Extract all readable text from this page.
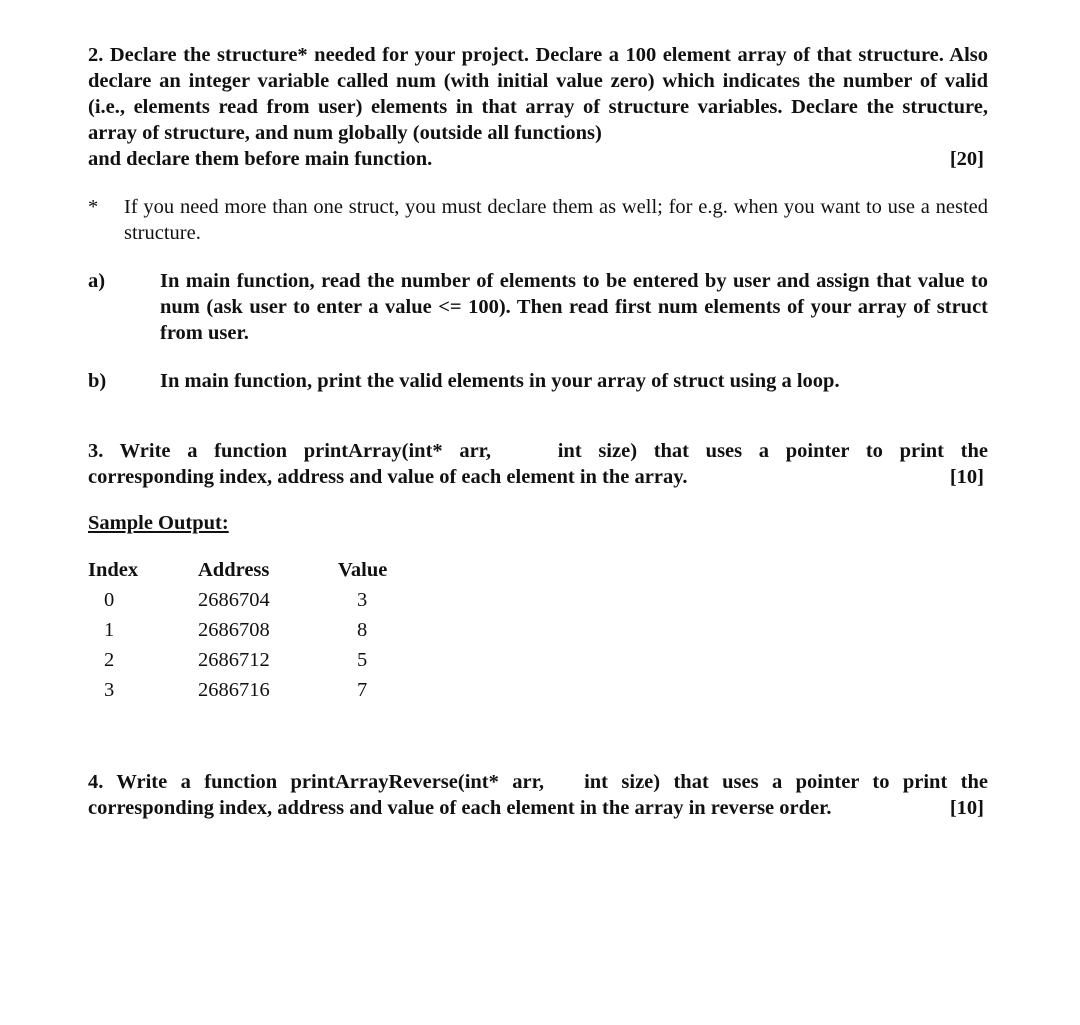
2. Declare the structure* needed for your project. Declare a 100 element array of that structure. Also declare an integer variable called num (with initial value zero) which indicates the number of valid (i.e., elements read from user) elements in that array of structure variables. Declare the structure, array of structure, and num globally (outside all functions)

and declare them before main function.	[20]
*	If you need more than one struct, you must declare them as well; for e.g. when you want to use a nested structure.
a)	In main function, read the number of elements to be entered by user and assign that value to num (ask user to enter a value <= 100). Then read first num elements of your array of struct from user.
b)	In main function, print the valid elements in your array of struct using a loop.

3. Write a function printArray(int* arr,    int size) that uses a pointer to print the

corresponding index, address and value of each element in the array.	[10]

Sample Output:

Index	Address	Value
0	2686704	3
1	2686708	8
2	2686712	5
3	2686716	7

4. Write a function printArrayReverse(int* arr,   int size) that uses a pointer to print the

corresponding index, address and value of each element in the array in reverse order.	[10]
